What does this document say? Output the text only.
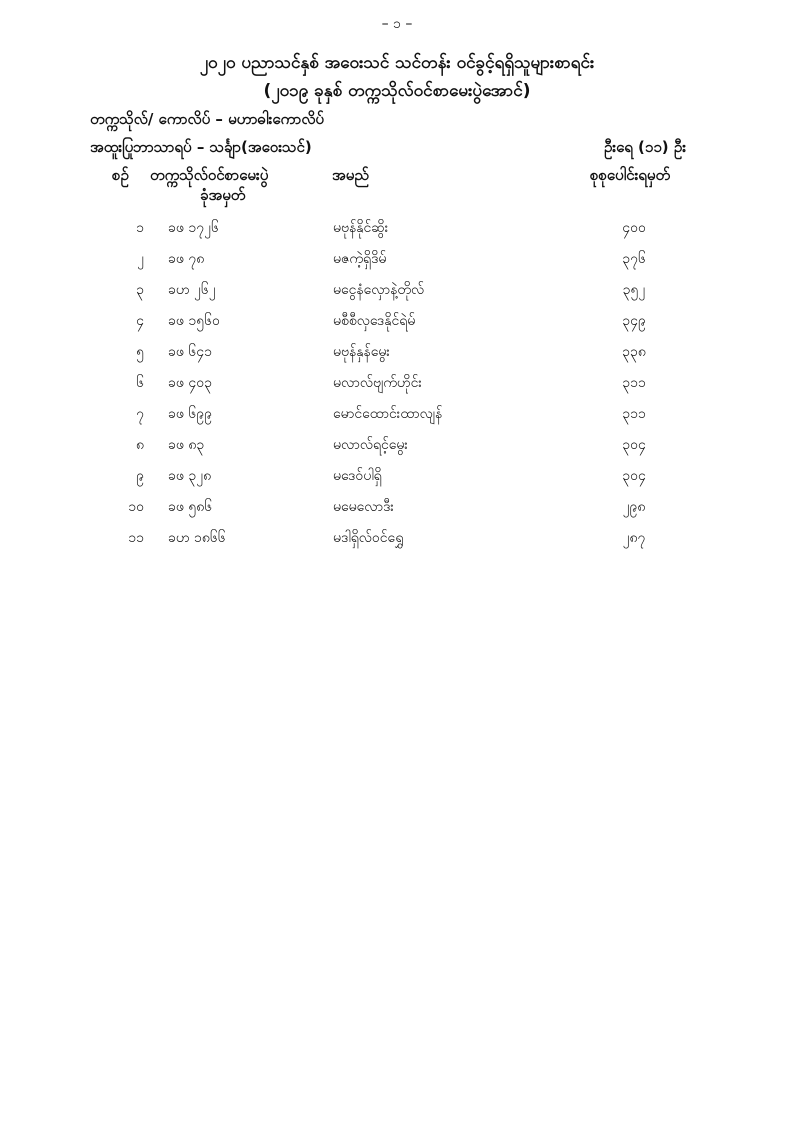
– ၁ –
၂၀၂၀ ပညာသင်နှစ် အဝေးသင် သင်တန်း ဝင်ခွင့်ရရှိသူများစာရင်း
(၂၀၁၉ ခုနှစ် တက္ကသိုလ်ဝင်စာမေးပွဲအောင်)
တက္ကသိုလ်/ ကောလိပ် – မဟာဓါးကောလိပ်
အထူးပြုဘာသာရပ် – သင်္ချာ(အဝေးသင်)	ဦးရေ (၁၁) ဦး
စဉ် တက္ကသိုလ်ဝင်စာမေးပွဲ
ခုံအမှတ်
အမည်	စုစုပေါင်းရမှတ်
၁ ခဖ ၁၇၂၆	မဗုန်နိုင်ဆွိး	၄၀၀
၂ ခဖ ၇၈	မဇကဲ့ရှိဒိမ်	၃၇၆
၃ ခဟ ၂၆၂	မငွေနံလှောနဲ့တိုလ်	၃၅၂
၄ ခဖ ၁၅၆၀	မစီစီလှဒေနိုင်ရဲမ်	၃၄၉
၅ ခဖ ၆၄၁	မဗုန်နှန်မွေး	၃၃၈
၆ ခဖ ၄၀၃	မလာလ်ဗျက်ဟိုင်း	၃၁၁
၇ ခဖ ၆၉၉	မောင်ထောင်းထာလျန်	၃၁၁
၈ ခဖ ၈၃	မလာလ်ရင့်မွေး	၃၀၄
၉ ခဖ ၃၂၈	မဒေဝ်ပါရှိ	၃၀၄
၁၀ ခဖ ၅၈၆	မမေလောဒီး	၂၉၈
၁၁ ခဟ ၁၈၆၆	မဒါရှိလ်ဝင်ရွှေ	၂၈၇
